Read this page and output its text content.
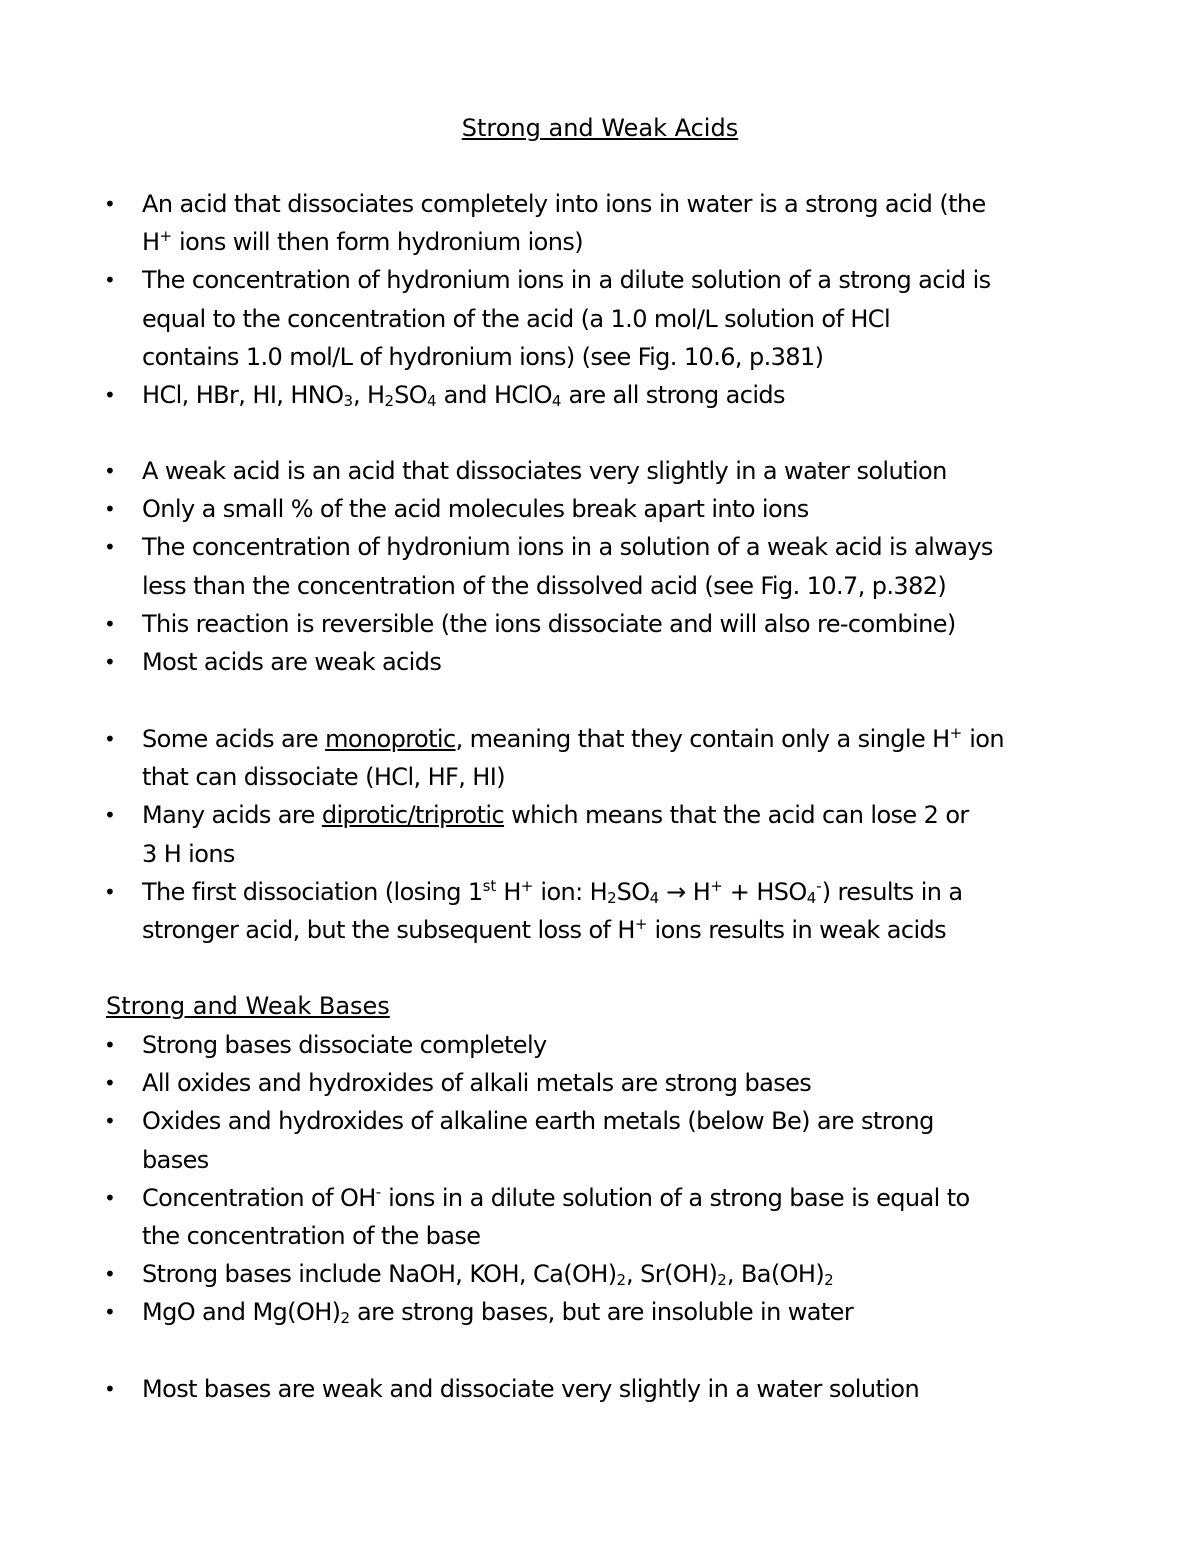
Strong and Weak Acids
• An acid that dissociates completely into ions in water is a strong acid (the
H+ ions will then form hydronium ions)
• The concentration of hydronium ions in a dilute solution of a strong acid is
equal to the concentration of the acid (a 1.0 mol/L solution of HCl
contains 1.0 mol/L of hydronium ions) (see Fig. 10.6, p.381)
• HCl, HBr, HI, $HNO_3$, $H_2SO_4$ and HClO$_4$ are all strong acids
• A weak acid is an acid that dissociates very slightly in a water solution
• Only a small % of the acid molecules break apart into ions
• The concentration of hydronium ions in a solution of a weak acid is always
less than the concentration of the dissolved acid (see Fig. 10.7, p.382)
• This reaction is reversible (the ions dissociate and will also re-combine)
• Most acids are weak acids
• Some acids are monoprotic, meaning that they contain only a single H+ ion
that can dissociate (HCl, HF, HI)
• Many acids are diprotic/triprotic which means that the acid can lose 2 or
3 H ions
• The first dissociation (losing 1st H+ ion: $H_2SO_4 \to H^+ + HSO_4^-$) results in a
stronger acid, but the subsequent loss of H+ ions results in weak acids
Strong and Weak Bases
• Strong bases dissociate completely
• All oxides and hydroxides of alkali metals are strong bases
• Oxides and hydroxides of alkaline earth metals (below Be) are strong
bases
• Concentration of OH- ions in a dilute solution of a strong base is equal to
the concentration of the base
• Strong bases include NaOH, KOH, $Ca(OH)_2$, $Sr(OH)_2$, $Ba(OH)_2$
• MgO and $Mg(OH)_2$ are strong bases, but are insoluble in water
• Most bases are weak and dissociate very slightly in a water solution
